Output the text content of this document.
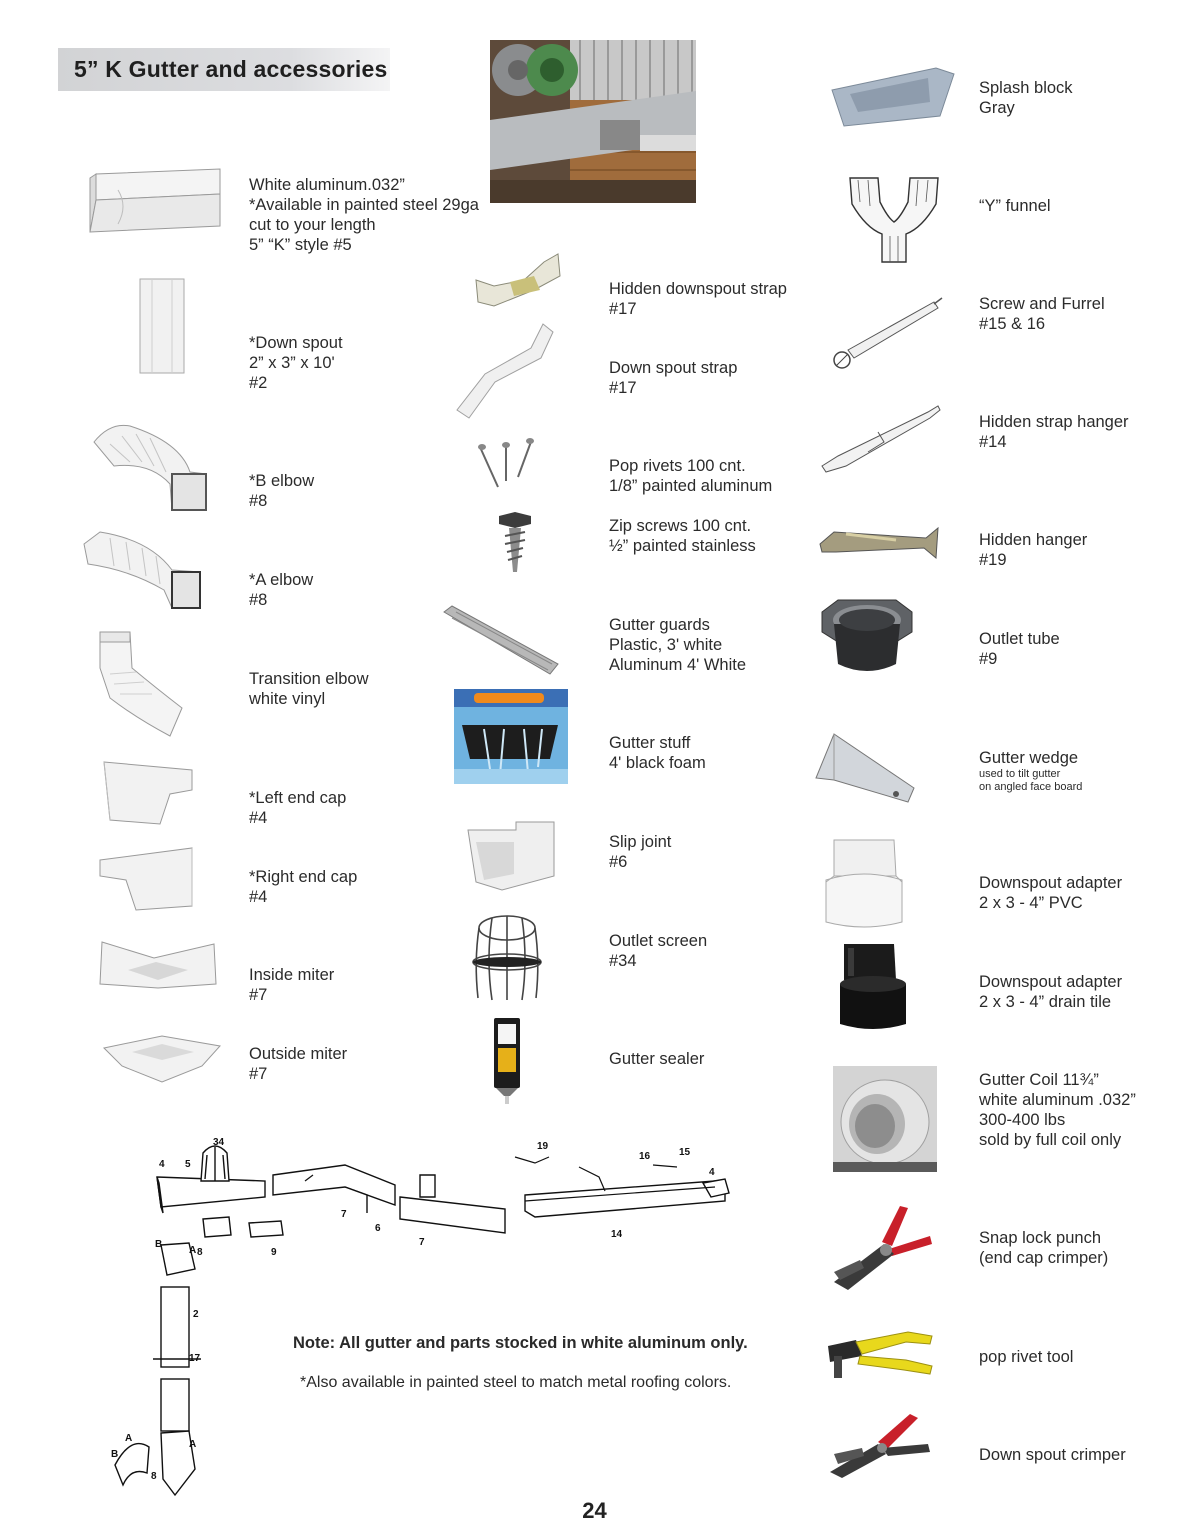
5” K Gutter and accessories
White aluminum.032”
*Available in painted steel 29ga
cut to your length
5” “K” style #5
*Down spout
2” x 3” x 10'
#2
*B elbow
#8
*A elbow
#8
Transition elbow
white vinyl
*Left end cap
#4
*Right end cap
#4
Inside miter
#7
Outside miter
#7
Hidden downspout strap
#17
Down spout strap
#17
Pop rivets 100 cnt.
1/8” painted aluminum
Zip screws 100 cnt.
½” painted stainless
Gutter guards
Plastic, 3' white
Aluminum 4' White
Gutter stuff
4' black foam
Slip joint
#6
Outlet screen
#34
Gutter sealer
Splash block
Gray
“Y” funnel
Screw and Furrel
#15 & 16
Hidden strap hanger
#14
Hidden hanger
#19
Outlet tube
#9
Gutter wedge
used to tilt gutter
on angled face board
Downspout adapter
2 x 3 - 4” PVC
Downspout adapter
2 x 3 - 4” drain tile
Gutter Coil 11¾”
white aluminum .032”
300-400 lbs
sold by full coil only
Snap lock punch
(end cap crimper)
pop rivet tool
Down spout crimper
34
4 5
8	9
7
6
7
19
16	15
4
14
2
17
A
B
A
8
B
A
Note: All gutter and parts stocked in white aluminum only.
*Also available in painted steel to match metal roofing colors.
24
